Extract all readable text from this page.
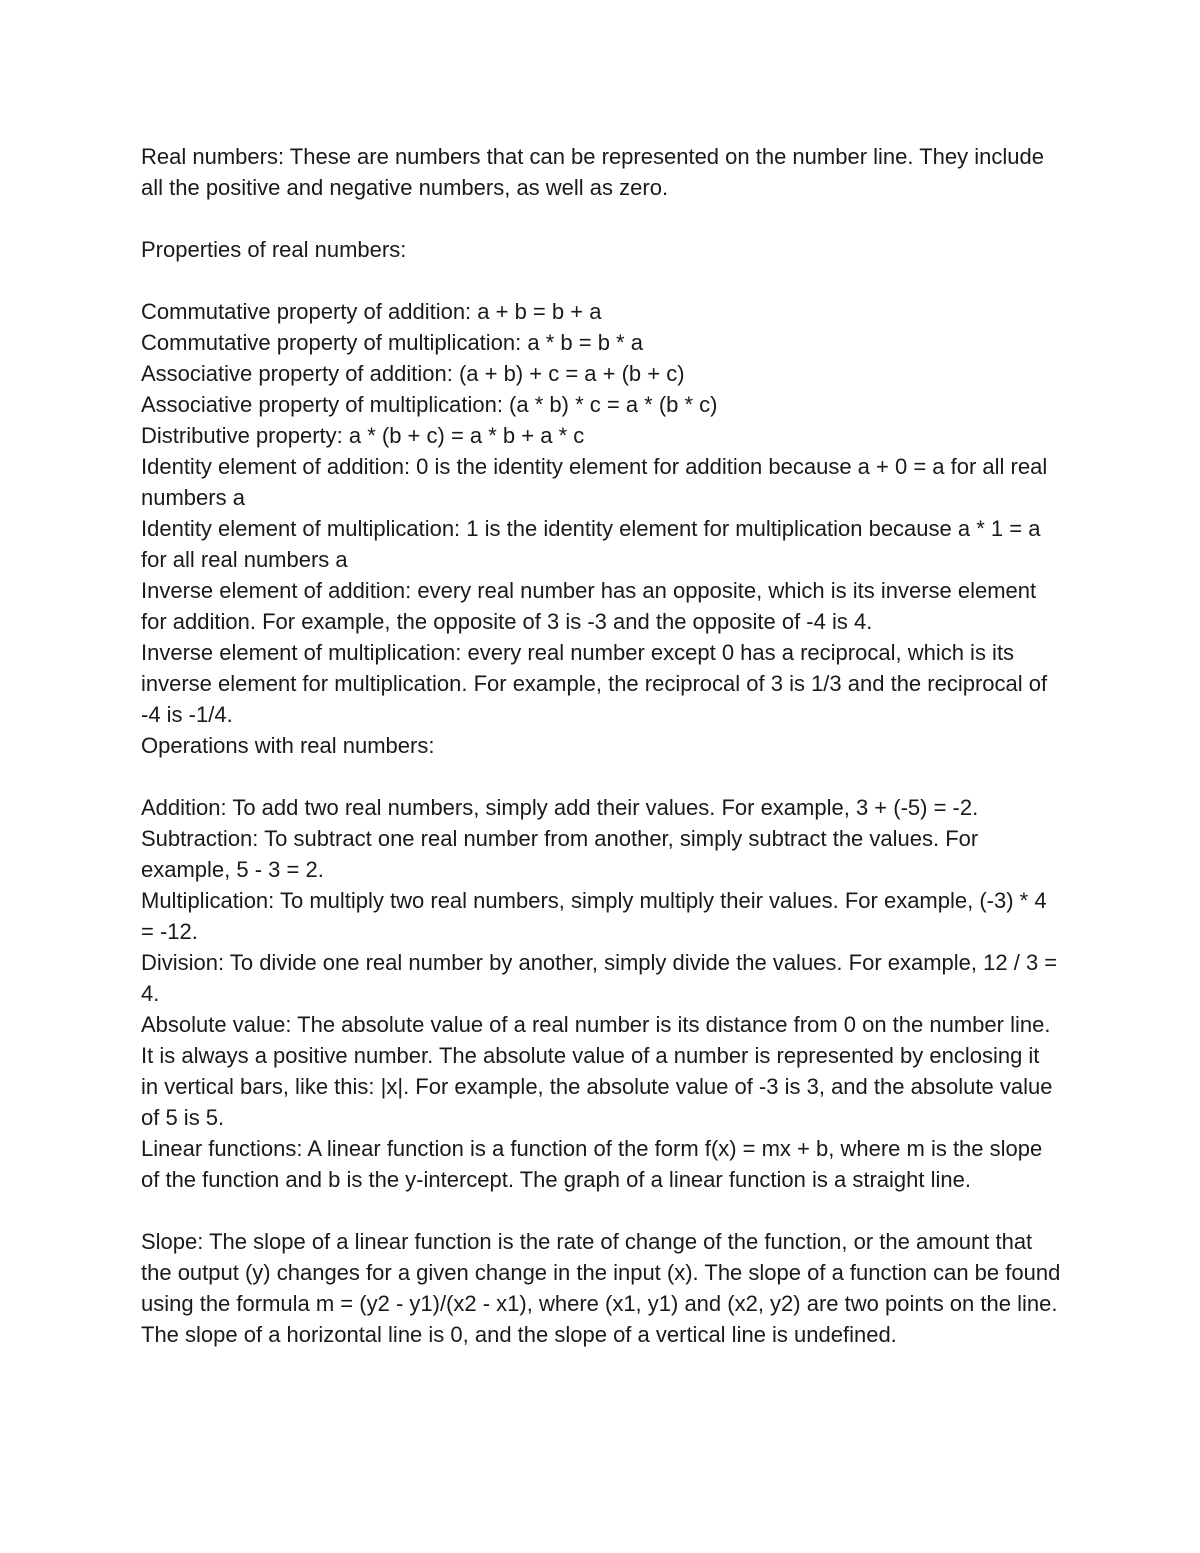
Real numbers: These are numbers that can be represented on the number line. They include all the positive and negative numbers, as well as zero.

Properties of real numbers:

Commutative property of addition: a + b = b + a

Commutative property of multiplication: a * b = b * a

Associative property of addition: (a + b) + c = a + (b + c)

Associative property of multiplication: (a * b) * c = a * (b * c)

Distributive property: a * (b + c) = a * b + a * c

Identity element of addition: 0 is the identity element for addition because a + 0 = a for all real numbers a

Identity element of multiplication: 1 is the identity element for multiplication because a * 1 = a for all real numbers a

Inverse element of addition: every real number has an opposite, which is its inverse element for addition. For example, the opposite of 3 is -3 and the opposite of -4 is 4.

Inverse element of multiplication: every real number except 0 has a reciprocal, which is its inverse element for multiplication. For example, the reciprocal of 3 is 1/3 and the reciprocal of -4 is -1/4.

Operations with real numbers:

Addition: To add two real numbers, simply add their values. For example, 3 + (-5) = -2.

Subtraction: To subtract one real number from another, simply subtract the values. For example, 5 - 3 = 2.

Multiplication: To multiply two real numbers, simply multiply their values. For example, (-3) * 4 = -12.

Division: To divide one real number by another, simply divide the values. For example, 12 / 3 = 4.

Absolute value: The absolute value of a real number is its distance from 0 on the number line. It is always a positive number. The absolute value of a number is represented by enclosing it in vertical bars, like this: |x|. For example, the absolute value of -3 is 3, and the absolute value of 5 is 5.

Linear functions: A linear function is a function of the form f(x) = mx + b, where m is the slope of the function and b is the y-intercept. The graph of a linear function is a straight line.

Slope: The slope of a linear function is the rate of change of the function, or the amount that the output (y) changes for a given change in the input (x). The slope of a function can be found using the formula m = (y2 - y1)/(x2 - x1), where (x1, y1) and (x2, y2) are two points on the line. The slope of a horizontal line is 0, and the slope of a vertical line is undefined.
